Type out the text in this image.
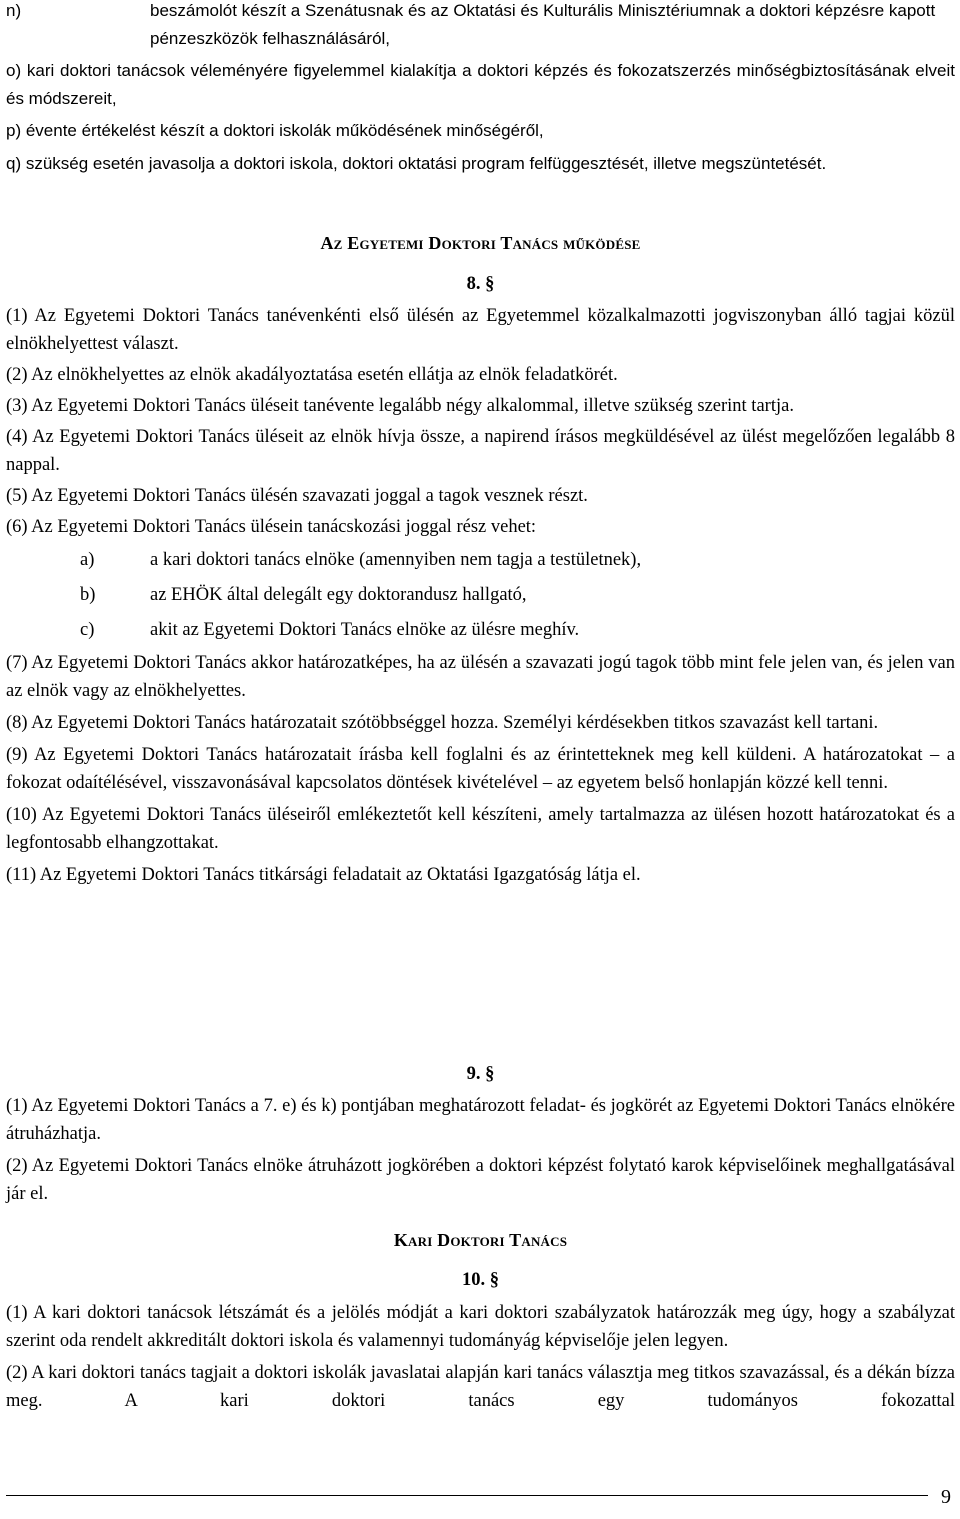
n)	beszámolót készít a Szenátusnak és az Oktatási és Kulturális Minisztériumnak a doktori képzésre kapott pénzeszközök felhasználásáról,

o) kari doktori tanácsok véleményére figyelemmel kialakítja a doktori képzés és fokozatszerzés minőségbiztosításának elveit és módszereit,

p) évente értékelést készít a doktori iskolák működésének minőségéről,

q) szükség esetén javasolja a doktori iskola, doktori oktatási program felfüggesztését, illetve megszüntetését.

Az Egyetemi Doktori Tanács működése

8. §

(1) Az Egyetemi Doktori Tanács tanévenkénti első ülésén az Egyetemmel közalkalmazotti jogviszonyban álló tagjai közül elnökhelyettest választ.

(2) Az elnökhelyettes az elnök akadályoztatása esetén ellátja az elnök feladatkörét.

(3) Az Egyetemi Doktori Tanács üléseit tanévente legalább négy alkalommal, illetve szükség szerint tartja.

(4) Az Egyetemi Doktori Tanács üléseit az elnök hívja össze, a napirend írásos megküldésével az ülést megelőzően legalább 8 nappal.

(5) Az Egyetemi Doktori Tanács ülésén szavazati joggal a tagok vesznek részt.

(6) Az Egyetemi Doktori Tanács ülésein tanácskozási joggal rész vehet:

a)	a kari doktori tanács elnöke (amennyiben nem tagja a testületnek),

b)	az EHÖK által delegált egy doktorandusz hallgató,

c)	akit az Egyetemi Doktori Tanács elnöke az ülésre meghív.

(7) Az Egyetemi Doktori Tanács akkor határozatképes, ha az ülésén a szavazati jogú tagok több mint fele jelen van, és jelen van az elnök vagy az elnökhelyettes.

(8) Az Egyetemi Doktori Tanács határozatait szótöbbséggel hozza. Személyi kérdésekben titkos szavazást kell tartani.

(9) Az Egyetemi Doktori Tanács határozatait írásba kell foglalni és az érintetteknek meg kell küldeni. A határozatokat – a fokozat odaítélésével, visszavonásával kapcsolatos döntések kivételével – az egyetem belső honlapján közzé kell tenni.

(10) Az Egyetemi Doktori Tanács üléseiről emlékeztetőt kell készíteni, amely tartalmazza az ülésen hozott határozatokat és a legfontosabb elhangzottakat.

(11) Az Egyetemi Doktori Tanács titkársági feladatait az Oktatási Igazgatóság látja el.

9. §

(1) Az Egyetemi Doktori Tanács a 7. e) és k) pontjában meghatározott feladat- és jogkörét az Egyetemi Doktori Tanács elnökére átruházhatja.

(2) Az Egyetemi Doktori Tanács elnöke átruházott jogkörében a doktori képzést folytató karok képviselőinek meghallgatásával jár el.

Kari Doktori Tanács

10. §

(1) A kari doktori tanácsok létszámát és a jelölés módját a kari doktori szabályzatok határozzák meg úgy, hogy a szabályzat szerint oda rendelt akkreditált doktori iskola és valamennyi tudományág képviselője jelen legyen.

(2) A kari doktori tanács tagjait a doktori iskolák javaslatai alapján kari tanács választja meg titkos szavazással, és a dékán bízza meg. A kari doktori tanács egy tudományos fokozattal

9
